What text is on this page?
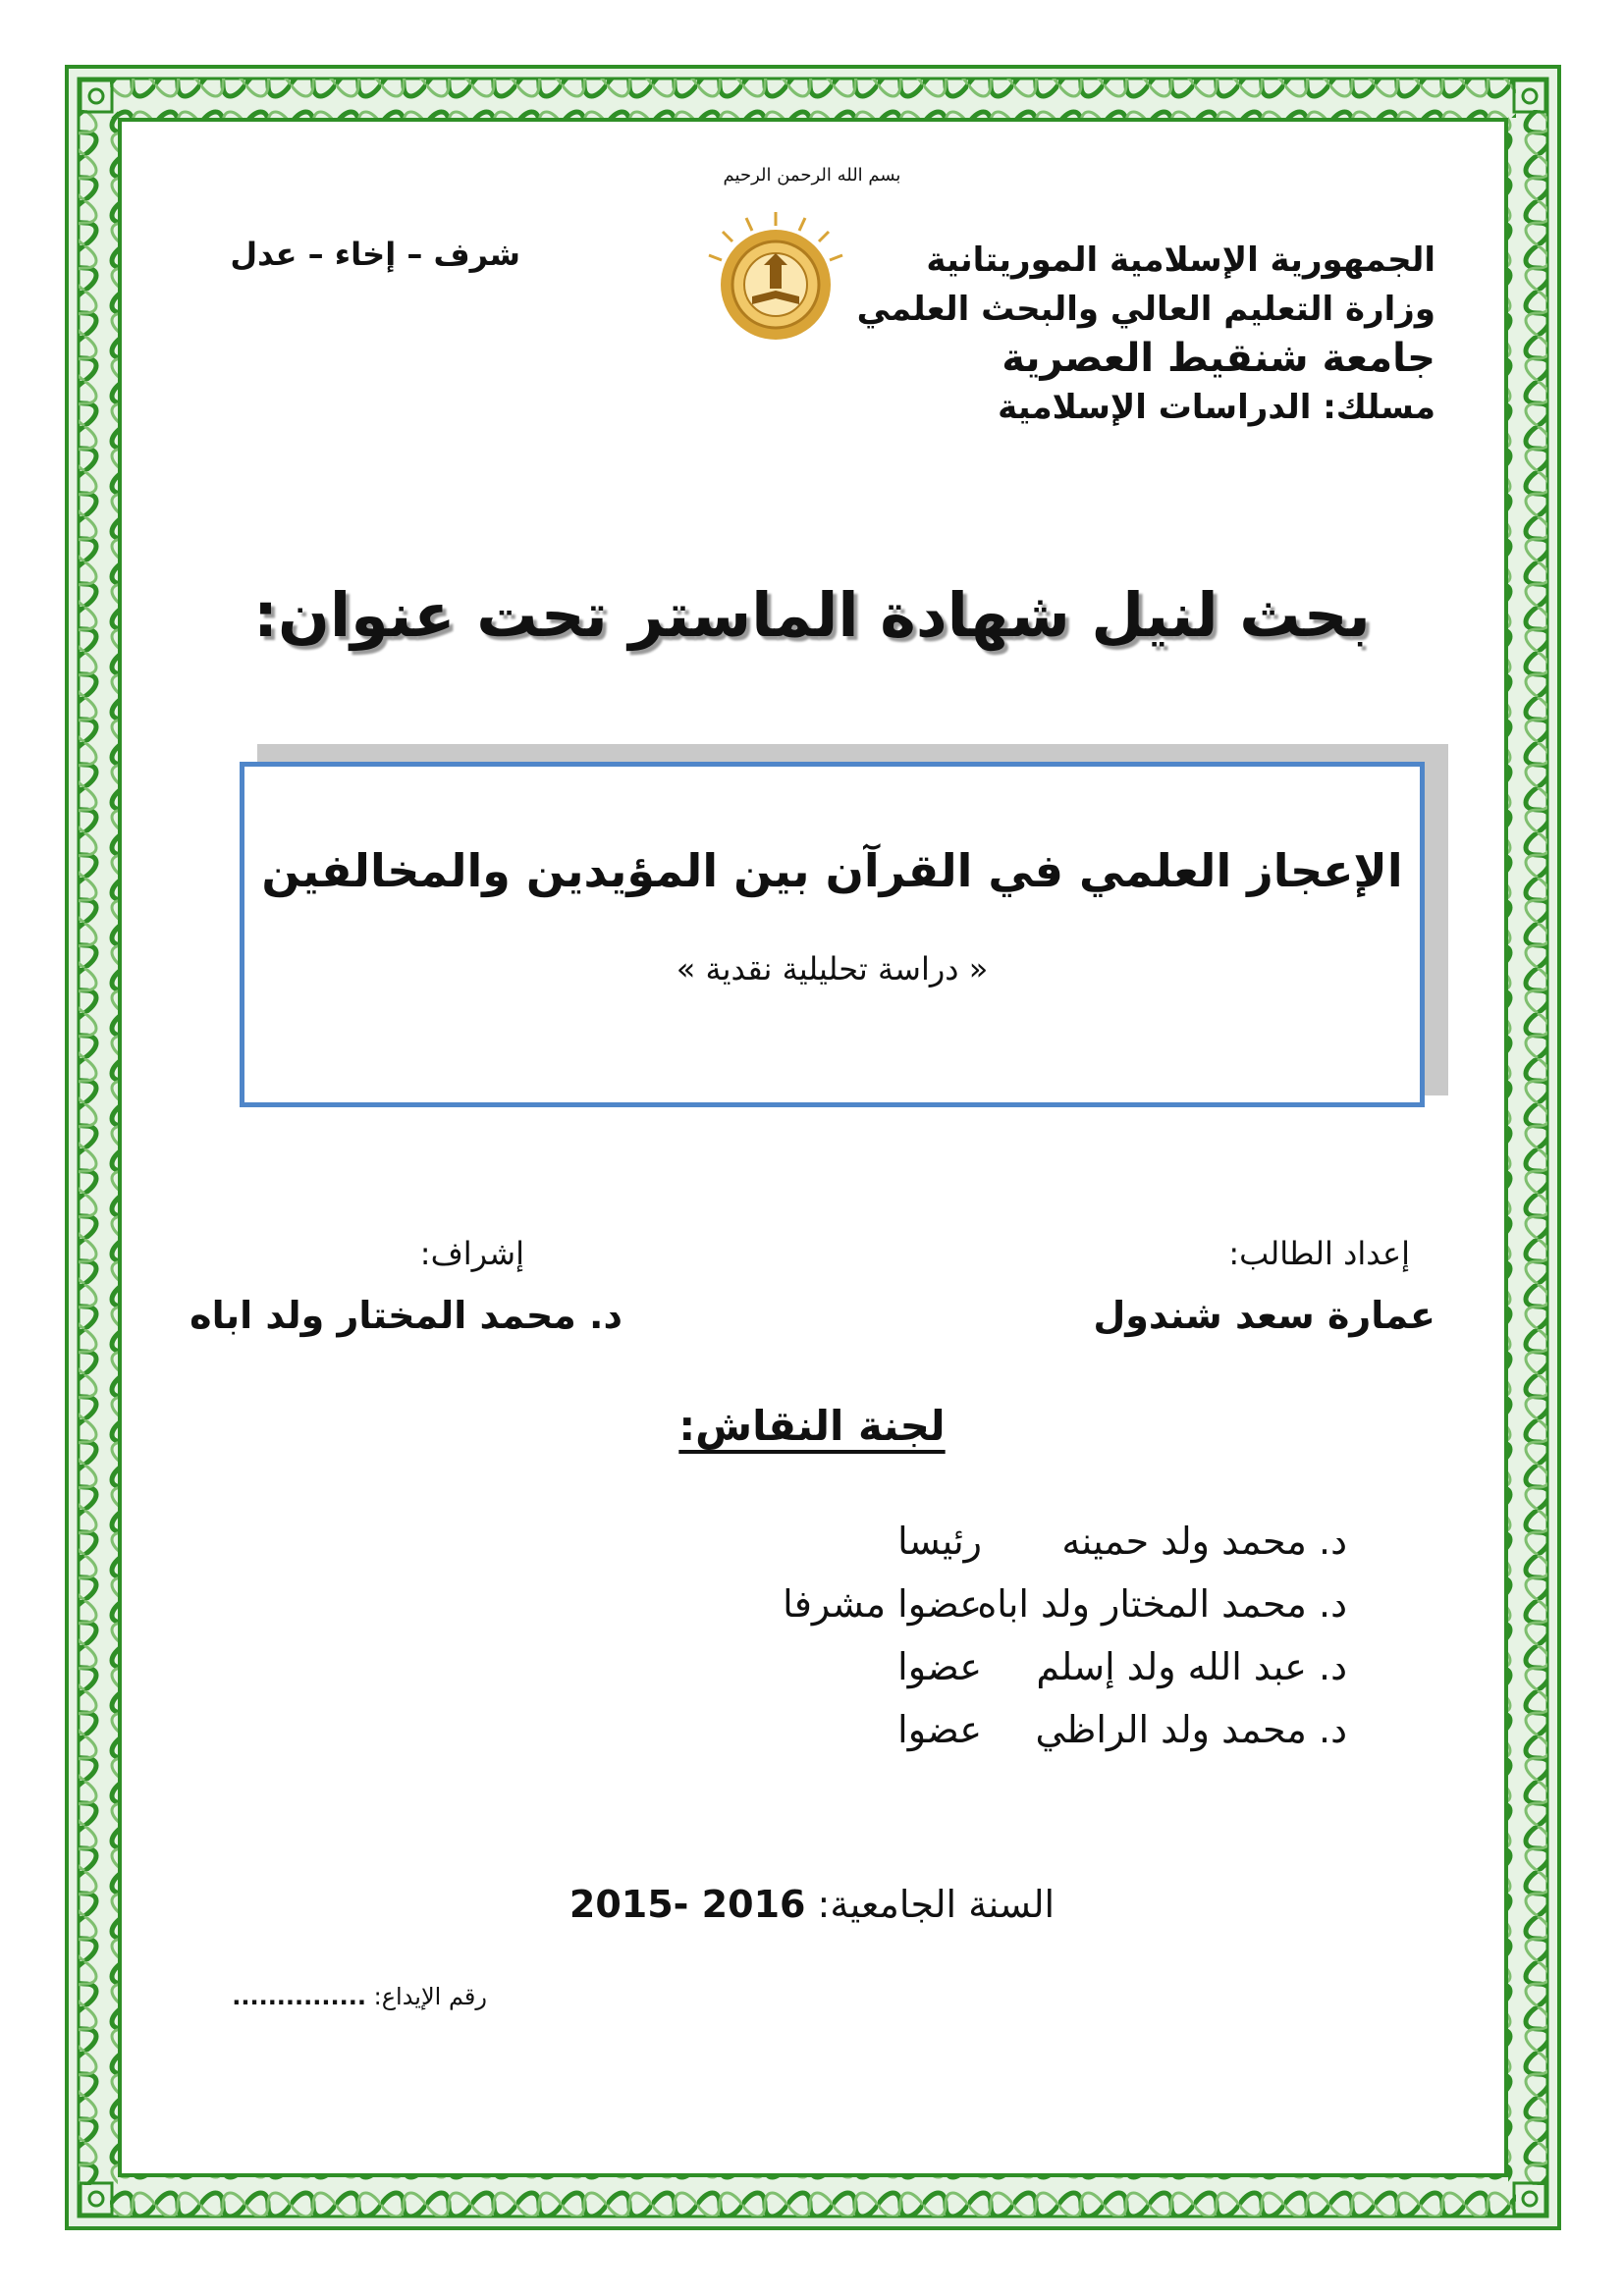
بسم الله الرحمن الرحيم
الجمهورية الإسلامية الموريتانية
وزارة التعليم العالي والبحث العلمي
جامعة شنقيط العصرية
مسلك: الدراسات الإسلامية
شرف – إخاء – عدل
بحث لنيل شهادة الماستر تحت عنوان:
الإعجاز العلمي في القرآن بين المؤيدين والمخالفين
« دراسة تحليلية نقدية »
إعداد الطالب:
عمارة سعد شندول
إشراف:
د. محمد المختار ولد اباه
لجنة النقاش:
د. محمد ولد حمينه
رئيسا
د. محمد المختار ولد اباه
عضوا مشرفا
د. عبد الله ولد إسلم
عضوا
د. محمد ولد الراظي
عضوا
السنة الجامعية: 2015- 2016
رقم الإيداع: ...............
